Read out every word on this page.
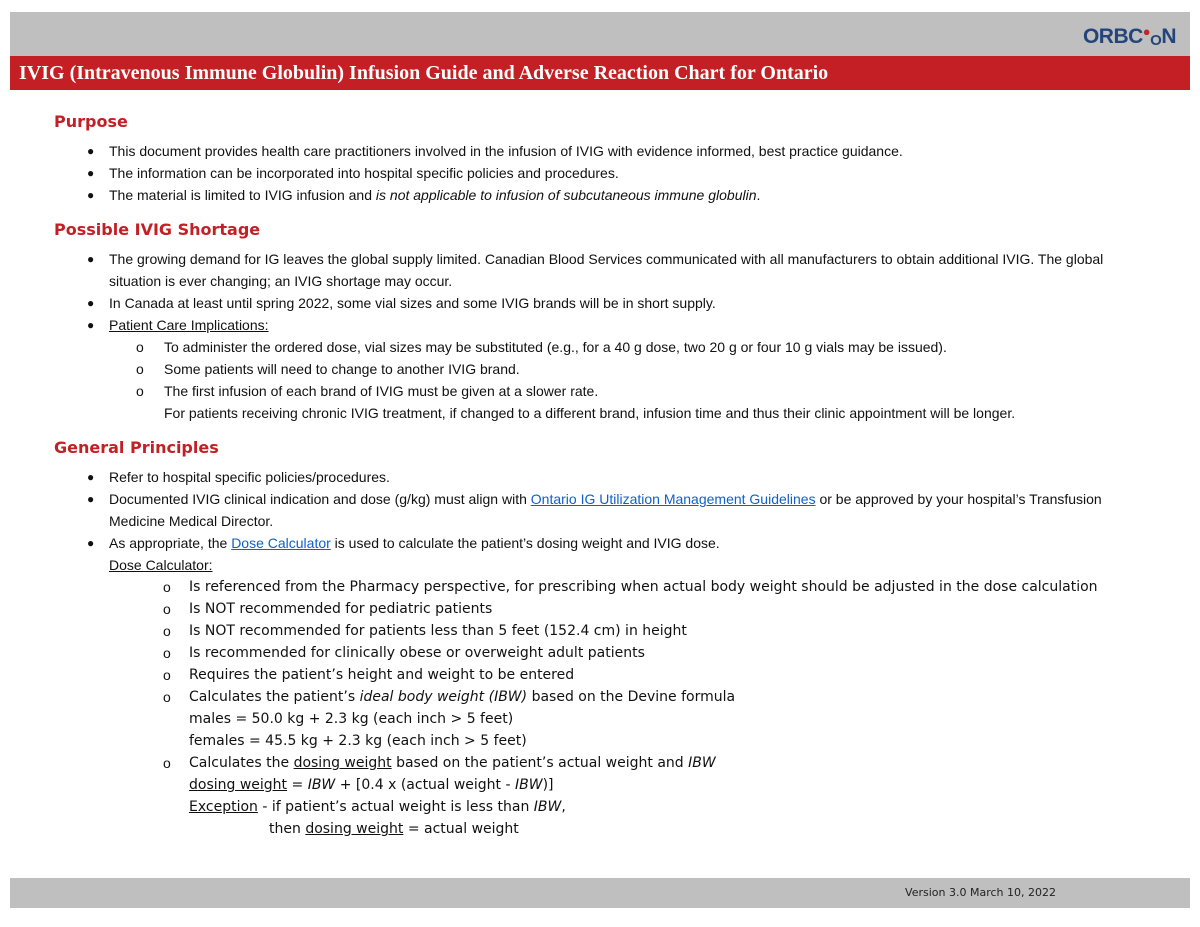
ORBC●ON
IVIG (Intravenous Immune Globulin) Infusion Guide and Adverse Reaction Chart for Ontario
Purpose
● This document provides health care practitioners involved in the infusion of IVIG with evidence informed, best practice guidance.
● The information can be incorporated into hospital specific policies and procedures.
● The material is limited to IVIG infusion and is not applicable to infusion of subcutaneous immune globulin.
Possible IVIG Shortage
● The growing demand for IG leaves the global supply limited. Canadian Blood Services communicated with all manufacturers to obtain additional IVIG. The global situation is ever changing; an IVIG shortage may occur.
● In Canada at least until spring 2022, some vial sizes and some IVIG brands will be in short supply.
● Patient Care Implications:
o To administer the ordered dose, vial sizes may be substituted (e.g., for a 40 g dose, two 20 g or four 10 g vials may be issued).
o Some patients will need to change to another IVIG brand.
o The first infusion of each brand of IVIG must be given at a slower rate.
For patients receiving chronic IVIG treatment, if changed to a different brand, infusion time and thus their clinic appointment will be longer.
General Principles
● Refer to hospital specific policies/procedures.
● Documented IVIG clinical indication and dose (g/kg) must align with Ontario IG Utilization Management Guidelines or be approved by your hospital’s Transfusion Medicine Medical Director.
● As appropriate, the Dose Calculator is used to calculate the patient’s dosing weight and IVIG dose.
Dose Calculator:
o Is referenced from the Pharmacy perspective, for prescribing when actual body weight should be adjusted in the dose calculation
o Is NOT recommended for pediatric patients
o Is NOT recommended for patients less than 5 feet (152.4 cm) in height
o Is recommended for clinically obese or overweight adult patients
o Requires the patient’s height and weight to be entered
o Calculates the patient’s ideal body weight (IBW) based on the Devine formula
males = 50.0 kg + 2.3 kg (each inch > 5 feet)
females = 45.5 kg + 2.3 kg (each inch > 5 feet)
o Calculates the dosing weight based on the patient’s actual weight and IBW
dosing weight = IBW + [0.4 x (actual weight - IBW)]
Exception - if patient’s actual weight is less than IBW,
then dosing weight = actual weight
Version 3.0 March 10, 2022
